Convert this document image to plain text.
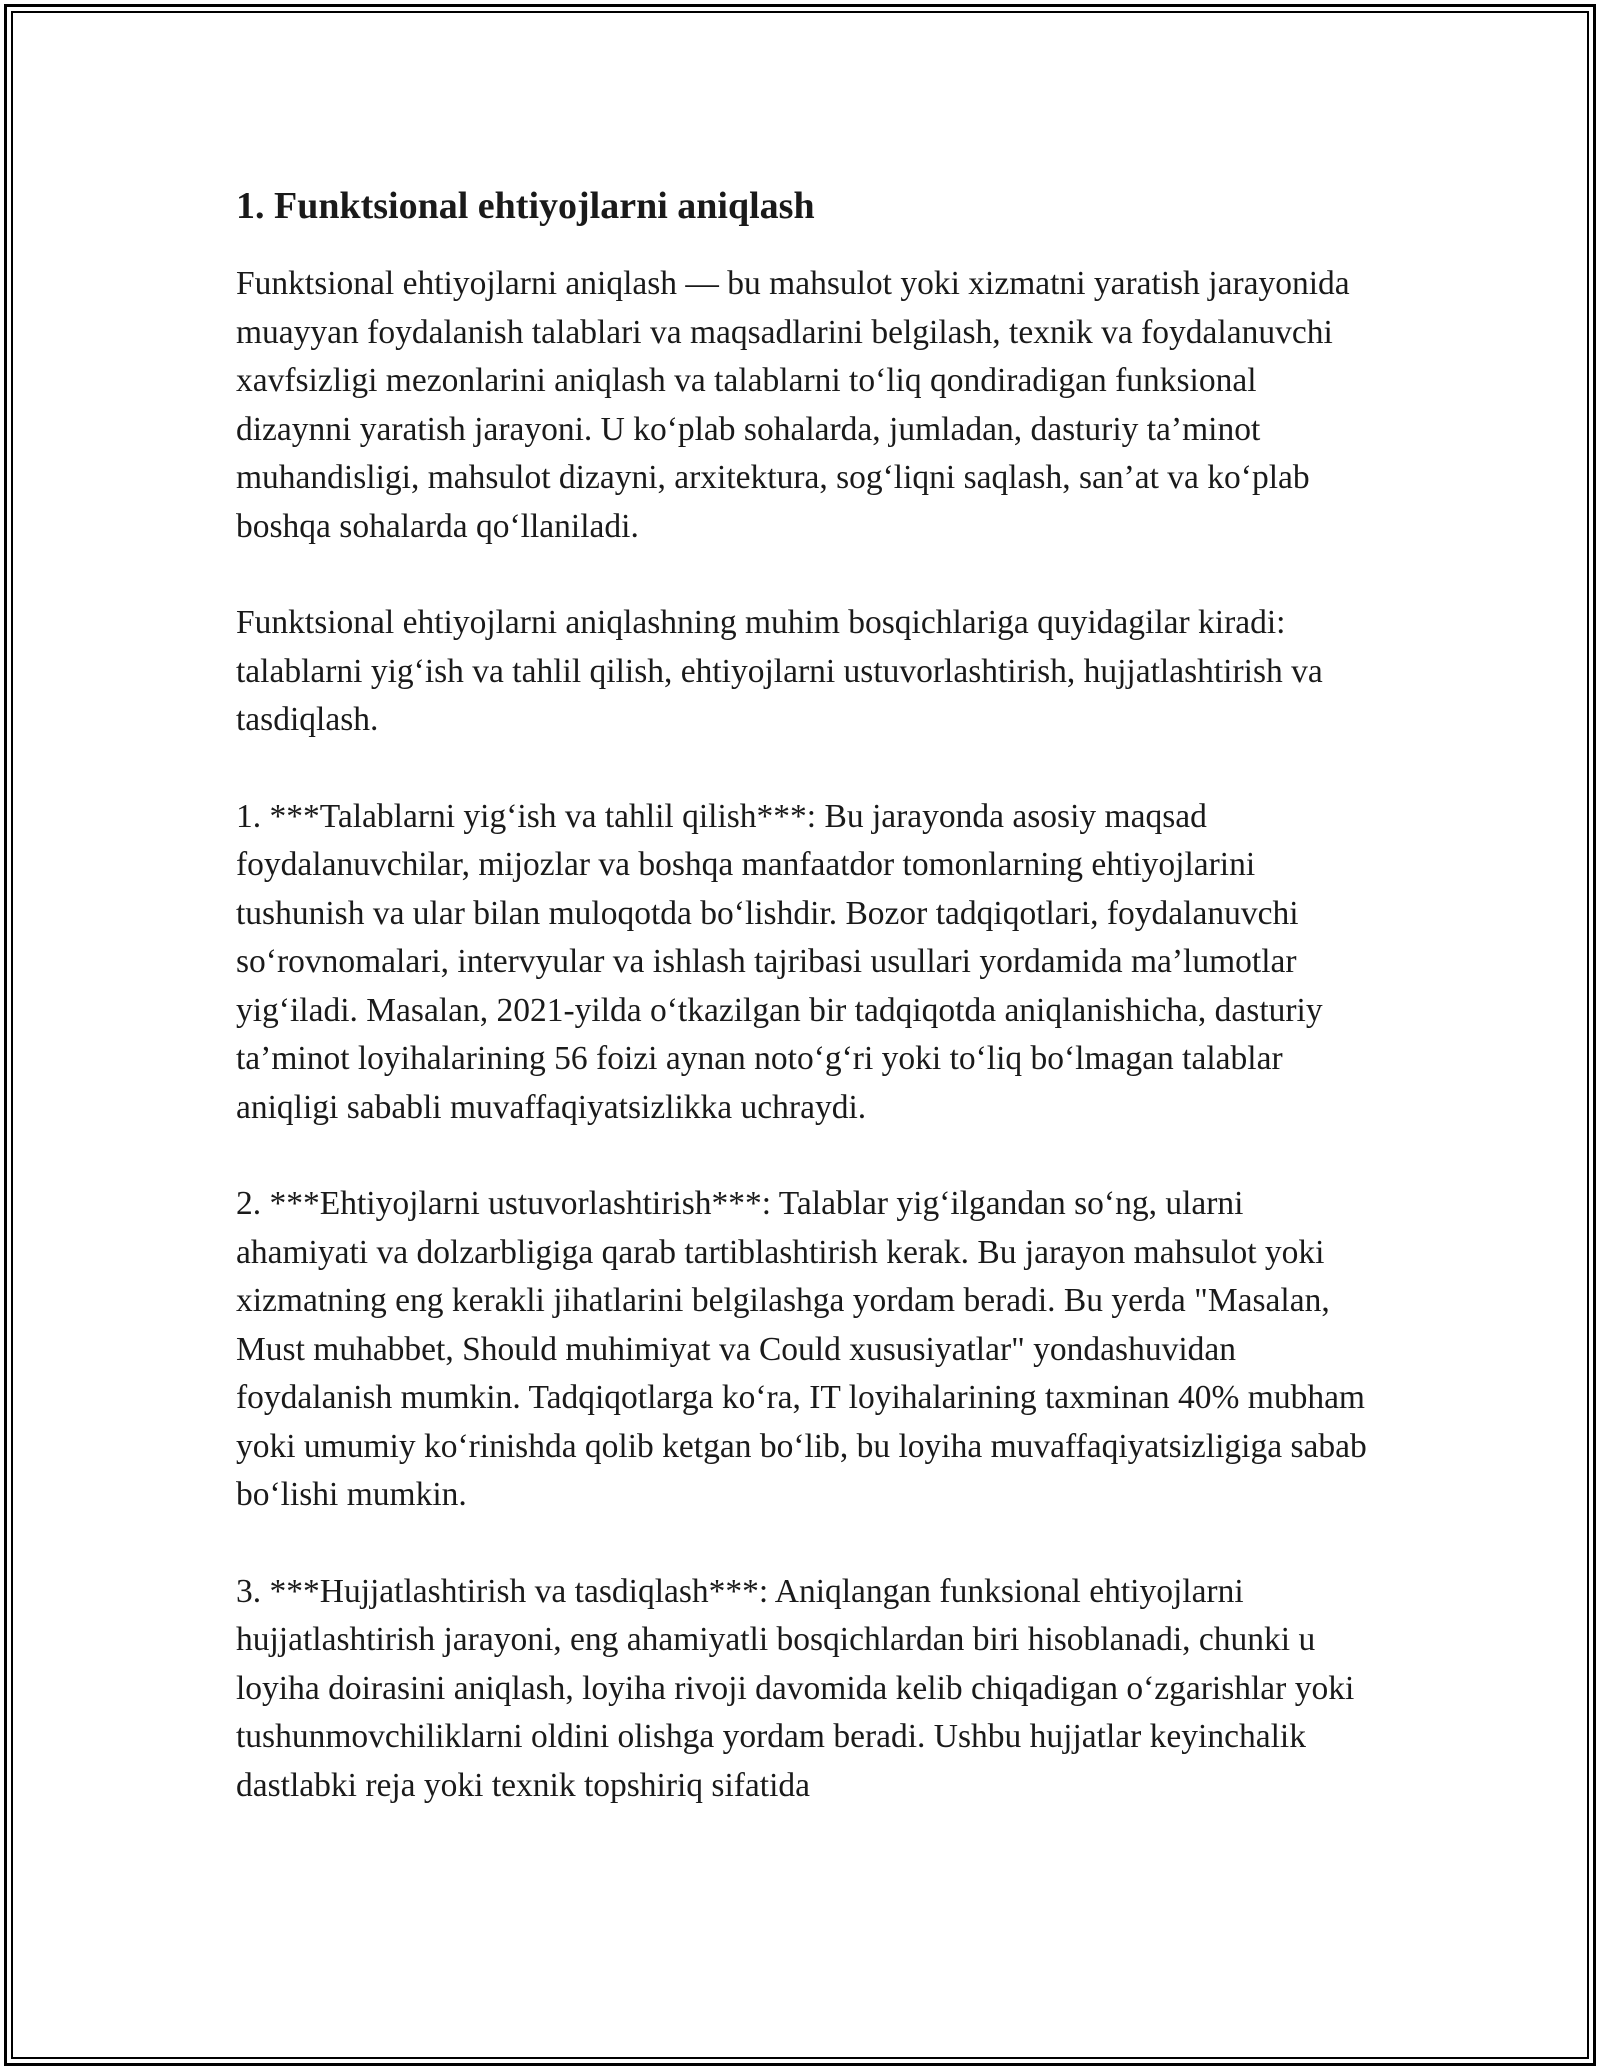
1. Funktsional ehtiyojlarni aniqlash

Funktsional ehtiyojlarni aniqlash — bu mahsulot yoki xizmatni yaratish jarayonida muayyan foydalanish talablari va maqsadlarini belgilash, texnik va foydalanuvchi xavfsizligi mezonlarini aniqlash va talablarni to‘liq qondiradigan funksional dizaynni yaratish jarayoni. U ko‘plab sohalarda, jumladan, dasturiy ta’minot muhandisligi, mahsulot dizayni, arxitektura, sog‘liqni saqlash, san’at va ko‘plab boshqa sohalarda qo‘llaniladi.

Funktsional ehtiyojlarni aniqlashning muhim bosqichlariga quyidagilar kiradi: talablarni yig‘ish va tahlil qilish, ehtiyojlarni ustuvorlashtirish, hujjatlashtirish va tasdiqlash.

1. ***Talablarni yig‘ish va tahlil qilish***: Bu jarayonda asosiy maqsad foydalanuvchilar, mijozlar va boshqa manfaatdor tomonlarning ehtiyojlarini tushunish va ular bilan muloqotda bo‘lishdir. Bozor tadqiqotlari, foydalanuvchi so‘rovnomalari, intervyular va ishlash tajribasi usullari yordamida ma’lumotlar yig‘iladi. Masalan, 2021-yilda o‘tkazilgan bir tadqiqotda aniqlanishicha, dasturiy ta’minot loyihalarining 56 foizi aynan noto‘g‘ri yoki to‘liq bo‘lmagan talablar aniqligi sababli muvaffaqiyatsizlikka uchraydi.

2. ***Ehtiyojlarni ustuvorlashtirish***: Talablar yig‘ilgandan so‘ng, ularni ahamiyati va dolzarbligiga qarab tartiblashtirish kerak. Bu jarayon mahsulot yoki xizmatning eng kerakli jihatlarini belgilashga yordam beradi. Bu yerda "Masalan, Must muhabbet, Should muhimiyat va Could xususiyatlar" yondashuvidan foydalanish mumkin. Tadqiqotlarga ko‘ra, IT loyihalarining taxminan 40% mubham yoki umumiy ko‘rinishda qolib ketgan bo‘lib, bu loyiha muvaffaqiyatsizligiga sabab bo‘lishi mumkin.

3. ***Hujjatlashtirish va tasdiqlash***: Aniqlangan funksional ehtiyojlarni hujjatlashtirish jarayoni, eng ahamiyatli bosqichlardan biri hisoblanadi, chunki u loyiha doirasini aniqlash, loyiha rivoji davomida kelib chiqadigan o‘zgarishlar yoki tushunmovchiliklarni oldini olishga yordam beradi. Ushbu hujjatlar keyinchalik dastlabki reja yoki texnik topshiriq sifatida
